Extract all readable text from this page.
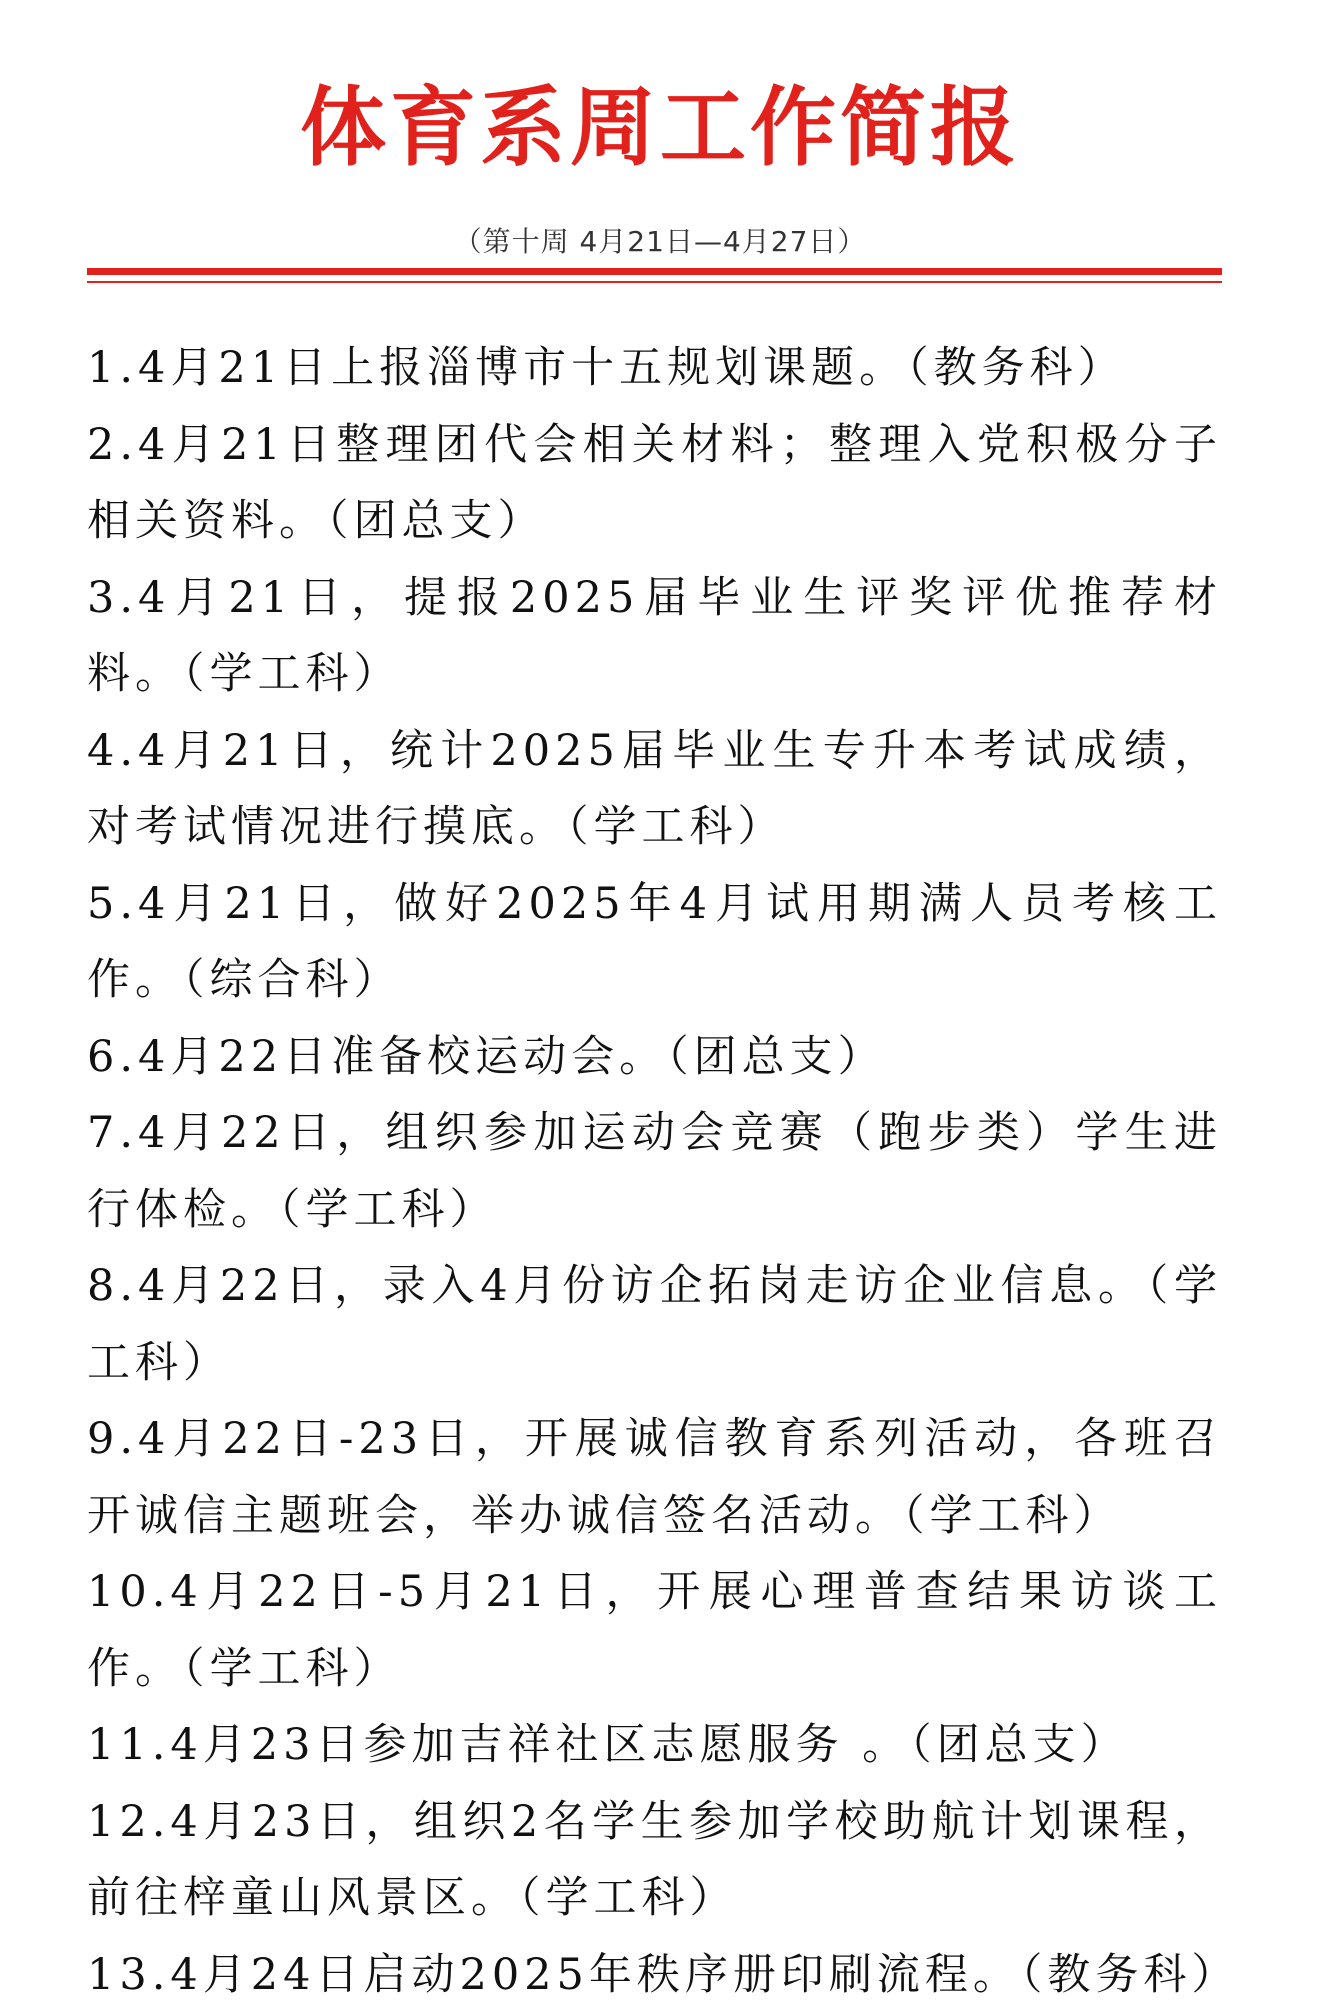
体育系周工作简报
（第十周 4月21日—4月27日）
1.4月21日上报淄博市十五规划课题。（教务科）
2.4月21日整理团代会相关材料；整理入党积极分子相关资料。（团总支）
3.4月21日，提报2025届毕业生评奖评优推荐材料。（学工科）
4.4月21日，统计2025届毕业生专升本考试成绩，对考试情况进行摸底。（学工科）
5.4月21日，做好2025年4月试用期满人员考核工作。（综合科）
6.4月22日准备校运动会。（团总支）
7.4月22日，组织参加运动会竞赛（跑步类）学生进行体检。（学工科）
8.4月22日，录入4月份访企拓岗走访企业信息。（学工科）
9.4月22日-23日，开展诚信教育系列活动，各班召开诚信主题班会，举办诚信签名活动。（学工科）
10.4月22日-5月21日，开展心理普查结果访谈工作。（学工科）
11.4月23日参加吉祥社区志愿服务 。（团总支）
12.4月23日，组织2名学生参加学校助航计划课程，前往梓童山风景区。（学工科）
13.4月24日启动2025年秩序册印刷流程。（教务科）
